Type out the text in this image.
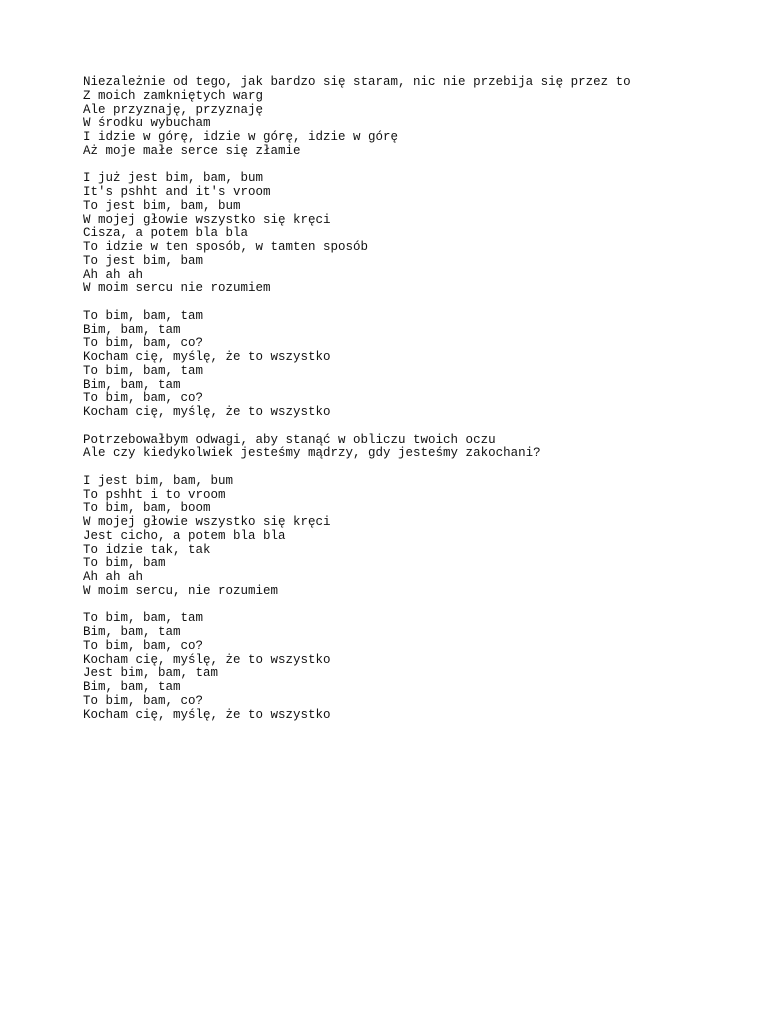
Niezależnie od tego, jak bardzo się staram, nic nie przebija się przez to
Z moich zamkniętych warg
Ale przyznaję, przyznaję
W środku wybucham
I idzie w górę, idzie w górę, idzie w górę
Aż moje małe serce się złamie
I już jest bim, bam, bum
It's pshht and it's vroom
To jest bim, bam, bum
W mojej głowie wszystko się kręci
Cisza, a potem bla bla
To idzie w ten sposób, w tamten sposób
To jest bim, bam
Ah ah ah
W moim sercu nie rozumiem
To bim, bam, tam
Bim, bam, tam
To bim, bam, co?
Kocham cię, myślę, że to wszystko
To bim, bam, tam
Bim, bam, tam
To bim, bam, co?
Kocham cię, myślę, że to wszystko
Potrzebowałbym odwagi, aby stanąć w obliczu twoich oczu
Ale czy kiedykolwiek jesteśmy mądrzy, gdy jesteśmy zakochani?
I jest bim, bam, bum
To pshht i to vroom
To bim, bam, boom
W mojej głowie wszystko się kręci
Jest cicho, a potem bla bla
To idzie tak, tak
To bim, bam
Ah ah ah
W moim sercu, nie rozumiem
To bim, bam, tam
Bim, bam, tam
To bim, bam, co?
Kocham cię, myślę, że to wszystko
Jest bim, bam, tam
Bim, bam, tam
To bim, bam, co?
Kocham cię, myślę, że to wszystko
